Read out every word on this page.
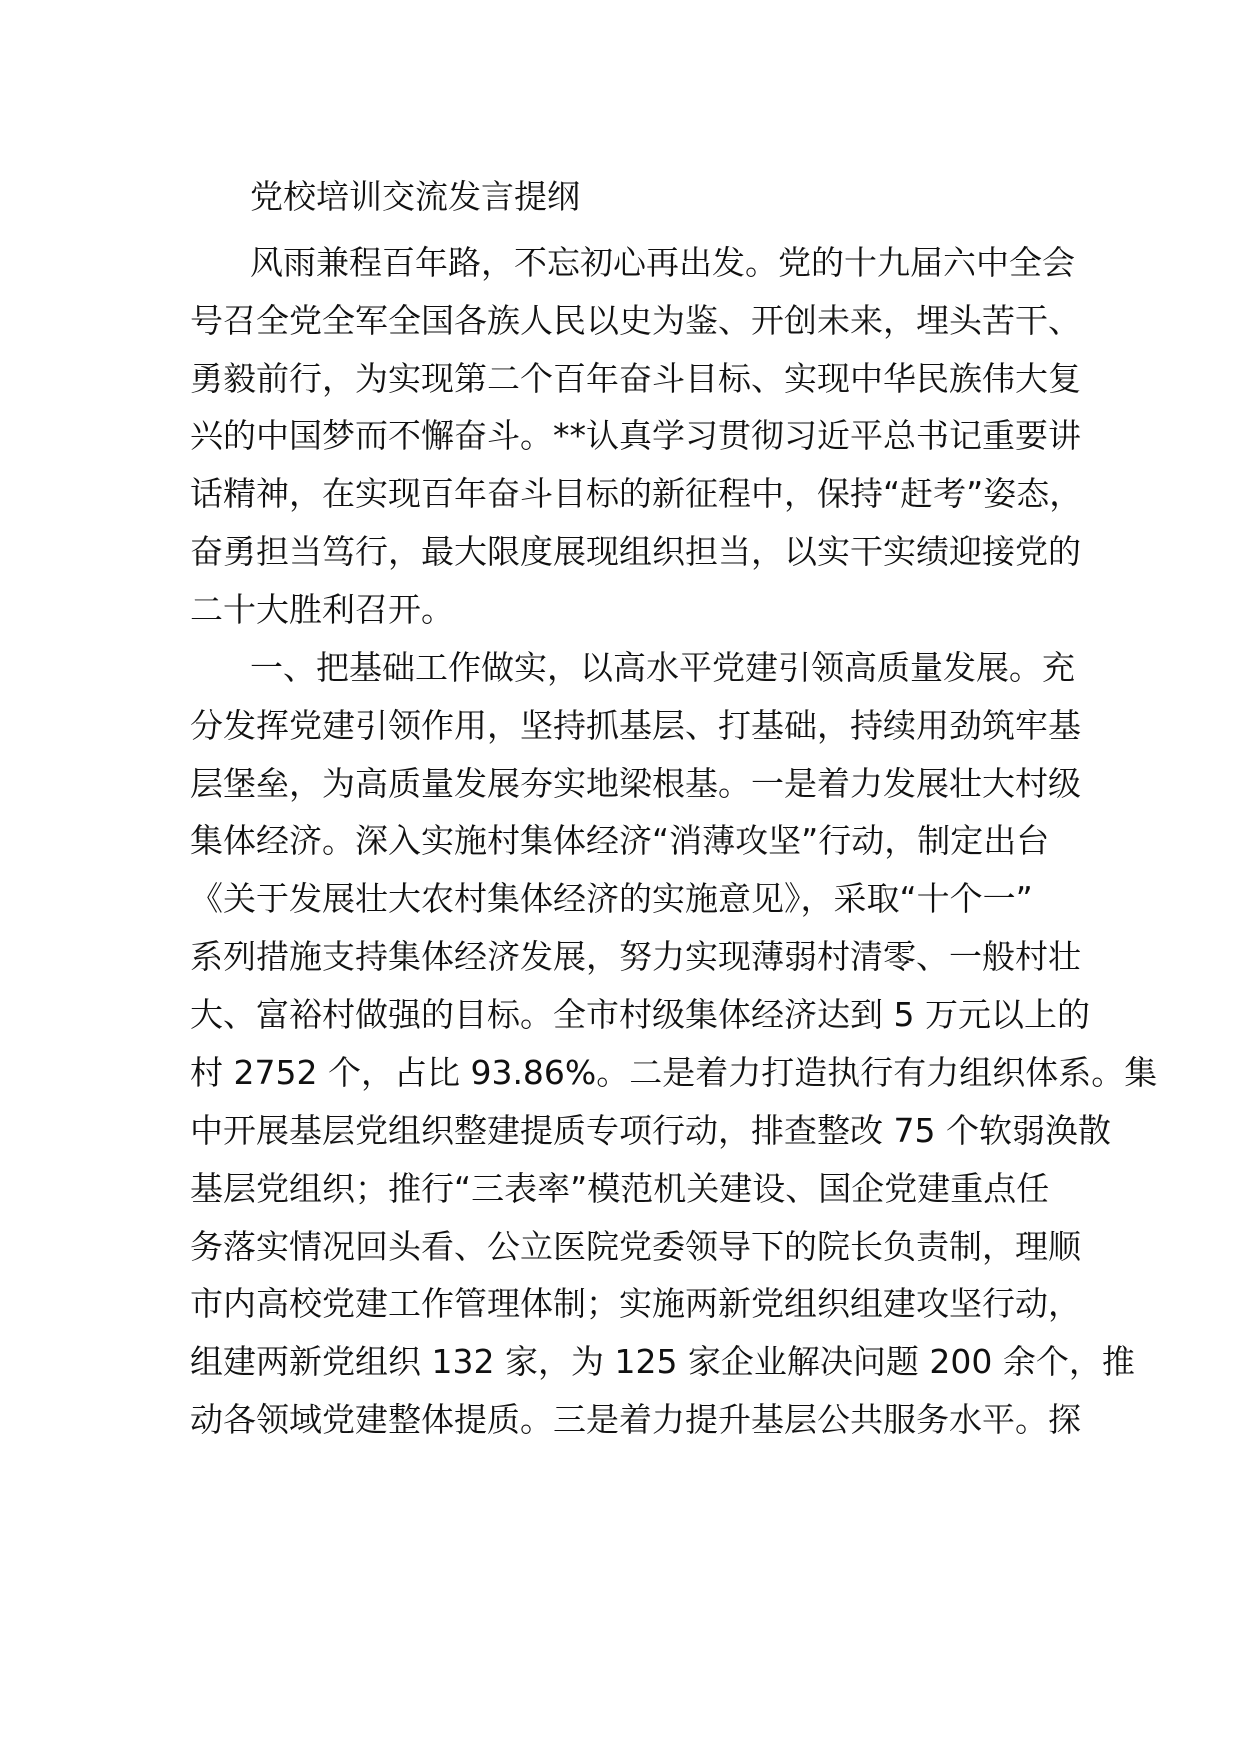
党校培训交流发言提纲
风雨兼程百年路，不忘初心再出发。党的十九届六中全会
号召全党全军全国各族人民以史为鉴、开创未来，埋头苦干、
勇毅前行，为实现第二个百年奋斗目标、实现中华民族伟大复
兴的中国梦而不懈奋斗。**认真学习贯彻习近平总书记重要讲
话精神，在实现百年奋斗目标的新征程中，保持“赶考”姿态，
奋勇担当笃行，最大限度展现组织担当，以实干实绩迎接党的
二十大胜利召开。
一、把基础工作做实，以高水平党建引领高质量发展。充
分发挥党建引领作用，坚持抓基层、打基础，持续用劲筑牢基
层堡垒，为高质量发展夯实地梁根基。一是着力发展壮大村级
集体经济。深入实施村集体经济“消薄攻坚”行动，制定出台
《关于发展壮大农村集体经济的实施意见》，采取“十个一”
系列措施支持集体经济发展，努力实现薄弱村清零、一般村壮
大、富裕村做强的目标。全市村级集体经济达到 5 万元以上的
村 2752 个，占比 93.86%。二是着力打造执行有力组织体系。集
中开展基层党组织整建提质专项行动，排查整改 75 个软弱涣散
基层党组织；推行“三表率”模范机关建设、国企党建重点任
务落实情况回头看、公立医院党委领导下的院长负责制，理顺
市内高校党建工作管理体制；实施两新党组织组建攻坚行动，
组建两新党组织 132 家，为 125 家企业解决问题 200 余个，推
动各领域党建整体提质。三是着力提升基层公共服务水平。探
